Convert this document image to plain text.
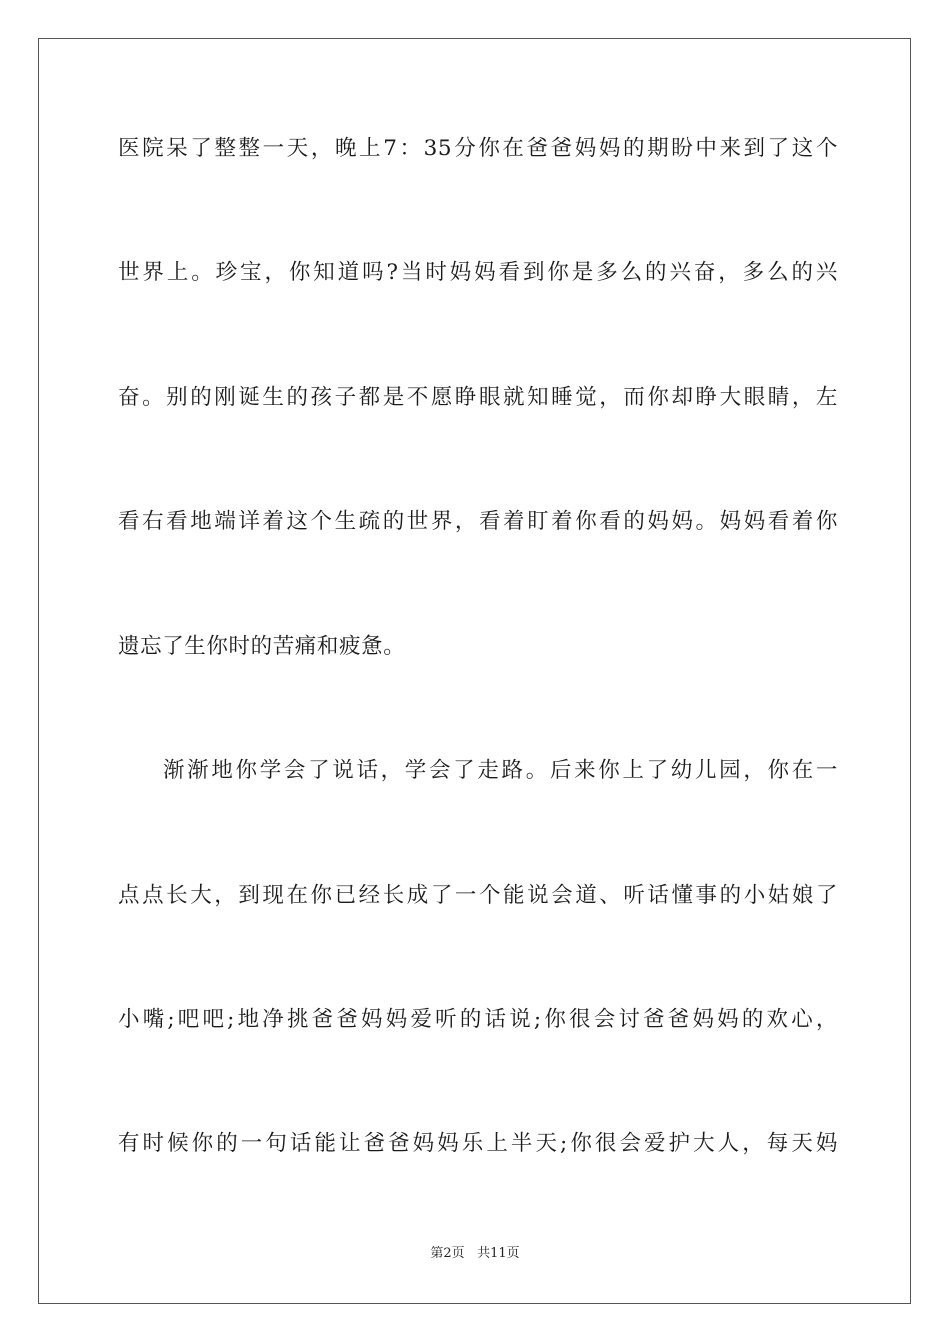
医院呆了整整一天，晚上7：35分你在爸爸妈妈的期盼中来到了这个
世界上。珍宝，你知道吗?当时妈妈看到你是多么的兴奋，多么的兴
奋。别的刚诞生的孩子都是不愿睁眼就知睡觉，而你却睁大眼睛，左
看右看地端详着这个生疏的世界，看着盯着你看的妈妈。妈妈看着你
遗忘了生你时的苦痛和疲惫。
渐渐地你学会了说话，学会了走路。后来你上了幼儿园，你在一
点点长大，到现在你已经长成了一个能说会道、听话懂事的小姑娘了
小嘴;吧吧;地净挑爸爸妈妈爱听的话说;你很会讨爸爸妈妈的欢心，
有时候你的一句话能让爸爸妈妈乐上半天;你很会爱护大人，每天妈
第2页 共11页
